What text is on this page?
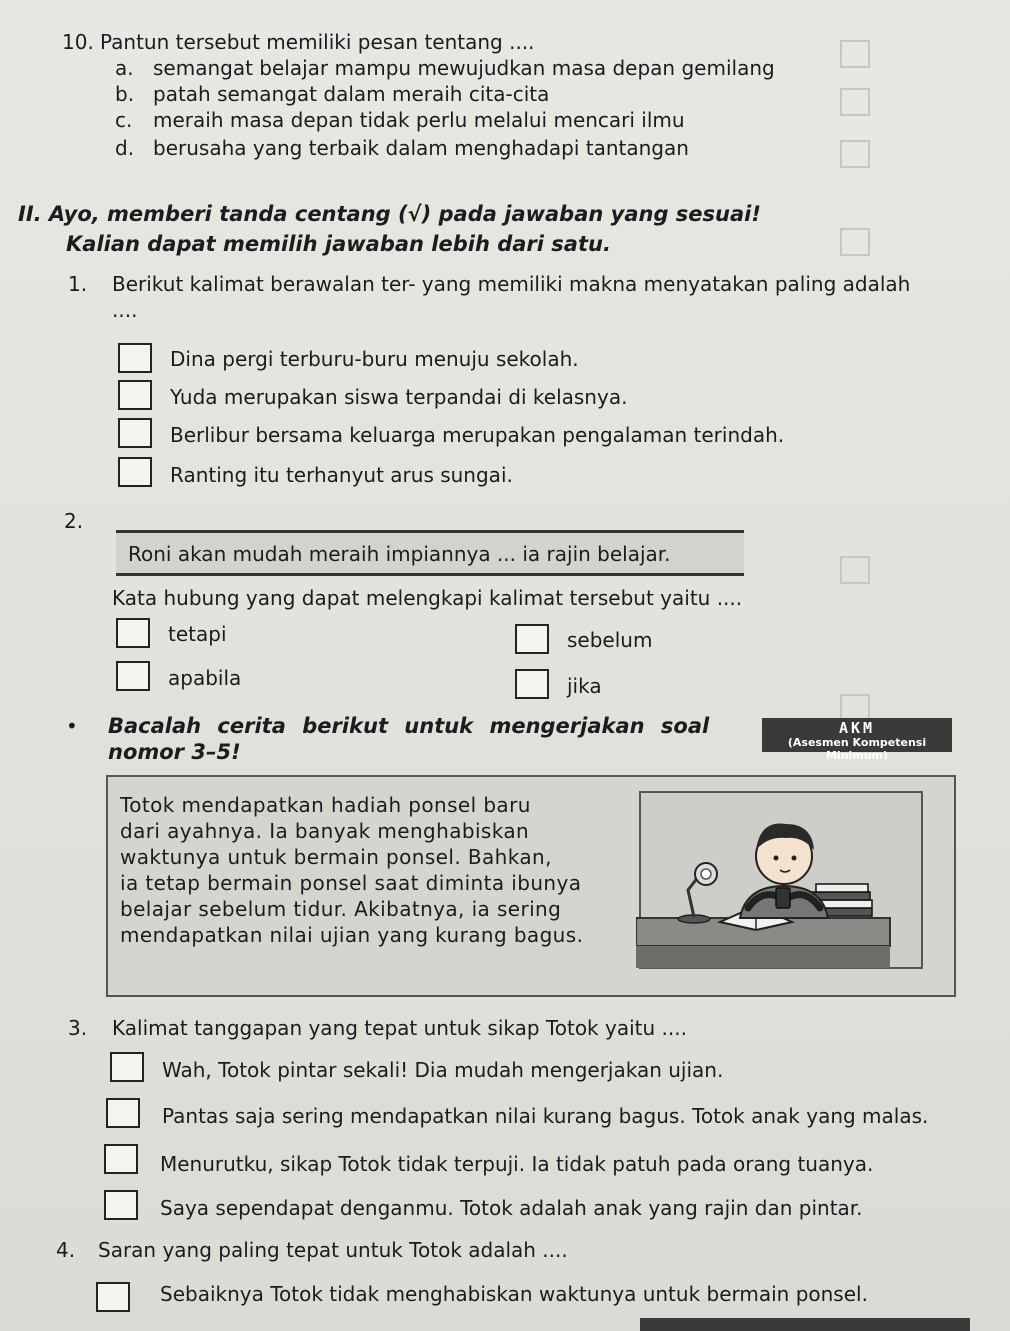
10. Pantun tersebut memiliki pesan tentang ....
a. semangat belajar mampu mewujudkan masa depan gemilang
b. patah semangat dalam meraih cita-cita
c. meraih masa depan tidak perlu melalui mencari ilmu
d. berusaha yang terbaik dalam menghadapi tantangan
II. Ayo, memberi tanda centang (√) pada jawaban yang sesuai!
Kalian dapat memilih jawaban lebih dari satu.
1. Berikut kalimat berawalan ter- yang memiliki makna menyatakan paling adalah
....
Dina pergi terburu-buru menuju sekolah.
Yuda merupakan siswa terpandai di kelasnya.
Berlibur bersama keluarga merupakan pengalaman terindah.
Ranting itu terhanyut arus sungai.
2.
Roni akan mudah meraih impiannya ... ia rajin belajar.
Kata hubung yang dapat melengkapi kalimat tersebut yaitu ....
tetapi	sebelum
apabila	jika
• Bacalah cerita berikut untuk mengerjakan soal
nomor 3–5!
AKM
(Asesmen Kompetensi Minimum)
Totok mendapatkan hadiah ponsel baru
dari ayahnya. Ia banyak menghabiskan
waktunya untuk bermain ponsel. Bahkan,
ia tetap bermain ponsel saat diminta ibunya
belajar sebelum tidur. Akibatnya, ia sering
mendapatkan nilai ujian yang kurang bagus.
3. Kalimat tanggapan yang tepat untuk sikap Totok yaitu ....
Wah, Totok pintar sekali! Dia mudah mengerjakan ujian.
Pantas saja sering mendapatkan nilai kurang bagus. Totok anak yang malas.
Menurutku, sikap Totok tidak terpuji. Ia tidak patuh pada orang tuanya.
Saya sependapat denganmu. Totok adalah anak yang rajin dan pintar.
4. Saran yang paling tepat untuk Totok adalah ....
Sebaiknya Totok tidak menghabiskan waktunya untuk bermain ponsel.
